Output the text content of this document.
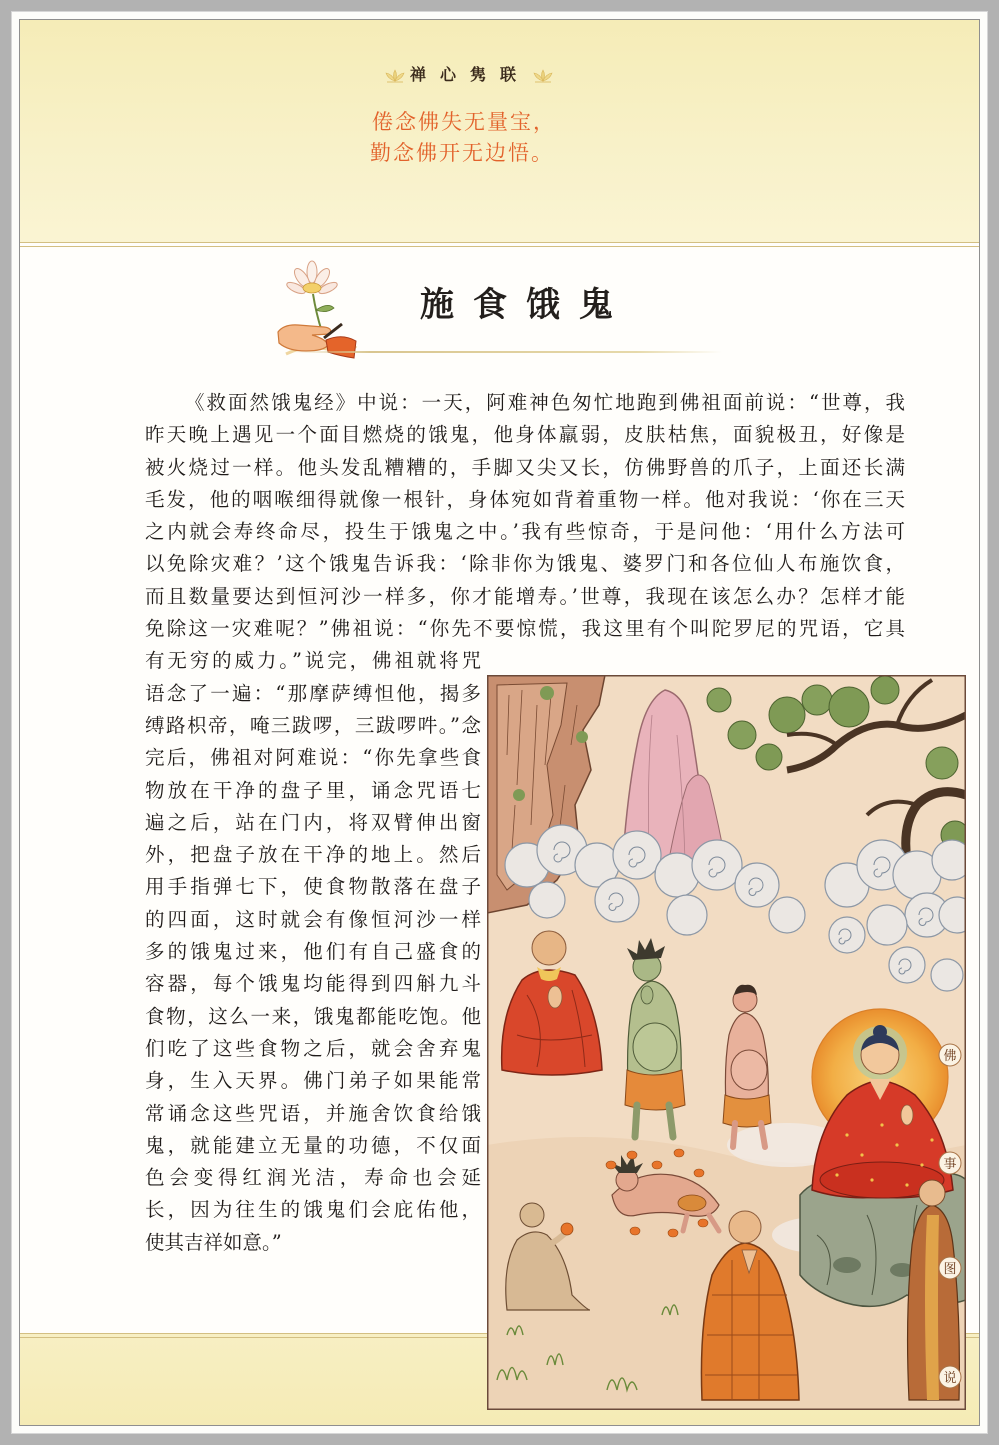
禅心隽联
倦念佛失无量宝，
勤念佛开无边悟。
施食饿鬼
《救面然饿鬼经》中说：一天，阿难神色匆忙地跑到佛祖面前说：“世尊，我
昨天晚上遇见一个面目燃烧的饿鬼，他身体羸弱，皮肤枯焦，面貌极丑，好像是
被火烧过一样。他头发乱糟糟的，手脚又尖又长，仿佛野兽的爪子，上面还长满
毛发，他的咽喉细得就像一根针，身体宛如背着重物一样。他对我说：‘你在三天
之内就会寿终命尽，投生于饿鬼之中。’我有些惊奇，于是问他：‘用什么方法可
以免除灾难？’这个饿鬼告诉我：‘除非你为饿鬼、婆罗门和各位仙人布施饮食，
而且数量要达到恒河沙一样多，你才能增寿。’世尊，我现在该怎么办？怎样才能
免除这一灾难呢？”佛祖说：“你先不要惊慌，我这里有个叫陀罗尼的咒语，它具
有无穷的威力。”说完，佛祖就将咒
语念了一遍：“那摩萨缚怛他，揭多
缚路枳帝，唵三跋啰，三跋啰吽。”念
完后，佛祖对阿难说：“你先拿些食
物放在干净的盘子里，诵念咒语七
遍之后，站在门内，将双臂伸出窗
外，把盘子放在干净的地上。然后
用手指弹七下，使食物散落在盘子
的四面，这时就会有像恒河沙一样
多的饿鬼过来，他们有自己盛食的
容器，每个饿鬼均能得到四斛九斗
食物，这么一来，饿鬼都能吃饱。他
们吃了这些食物之后，就会舍弃鬼
身，生入天界。佛门弟子如果能常
常诵念这些咒语，并施舍饮食给饿
鬼，就能建立无量的功德，不仅面
色会变得红润光洁，寿命也会延
长，因为往生的饿鬼们会庇佑他，
使其吉祥如意。”
佛
事
图
说
